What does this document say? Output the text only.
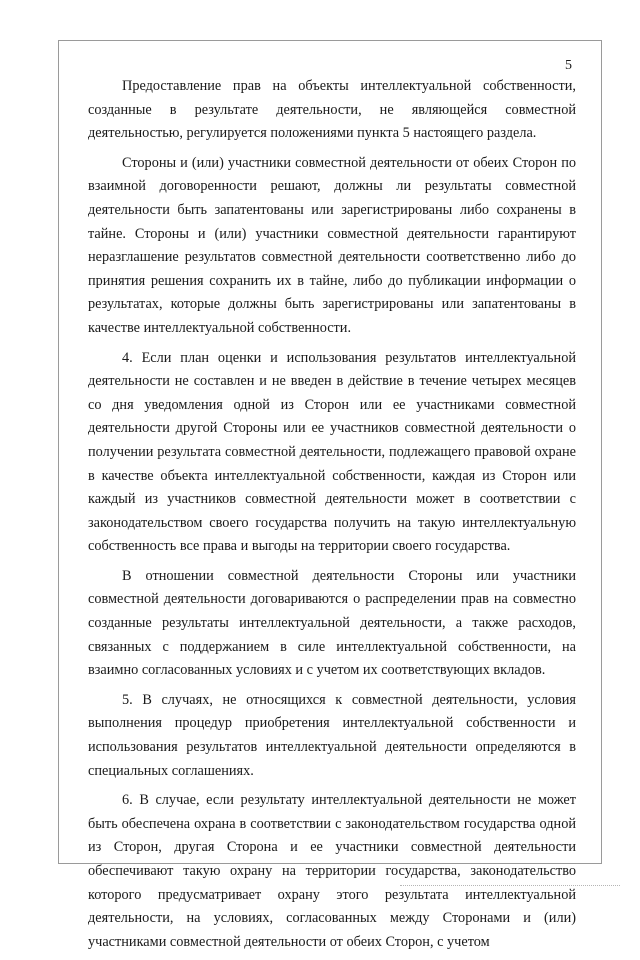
5

Предоставление прав на объекты интеллектуальной собственности, созданные в результате деятельности, не являющейся совместной деятельностью, регулируется положениями пункта 5 настоящего раздела.

Стороны и (или) участники совместной деятельности от обеих Сторон по взаимной договоренности решают, должны ли результаты совместной деятельности быть запатентованы или зарегистрированы либо сохранены в тайне. Стороны и (или) участники совместной деятельности гарантируют неразглашение результатов совместной деятельности соответственно либо до принятия решения сохранить их в тайне, либо до публикации информации о результатах, которые должны быть зарегистрированы или запатентованы в качестве интеллектуальной собственности.

4. Если план оценки и использования результатов интеллектуальной деятельности не составлен и не введен в действие в течение четырех месяцев со дня уведомления одной из Сторон или ее участниками совместной деятельности другой Стороны или ее участников совместной деятельности о получении результата совместной деятельности, подлежащего правовой охране в качестве объекта интеллектуальной собственности, каждая из Сторон или каждый из участников совместной деятельности может в соответствии с законодательством своего государства получить на такую интеллектуальную собственность все права и выгоды на территории своего государства.

В отношении совместной деятельности Стороны или участники совместной деятельности договариваются о распределении прав на совместно созданные результаты интеллектуальной деятельности, а также расходов, связанных с поддержанием в силе интеллектуальной собственности, на взаимно согласованных условиях и с учетом их соответствующих вкладов.

5. В случаях, не относящихся к совместной деятельности, условия выполнения процедур приобретения интеллектуальной собственности и использования результатов интеллектуальной деятельности определяются в специальных соглашениях.

6. В случае, если результату интеллектуальной деятельности не может быть обеспечена охрана в соответствии с законодательством государства одной из Сторон, другая Сторона и ее участники совместной деятельности обеспечивают такую охрану на территории государства, законодательство которого предусматривает охрану этого результата интеллектуальной деятельности, на условиях, согласованных между Сторонами и (или) участниками совместной деятельности от обеих Сторон, с учетом
